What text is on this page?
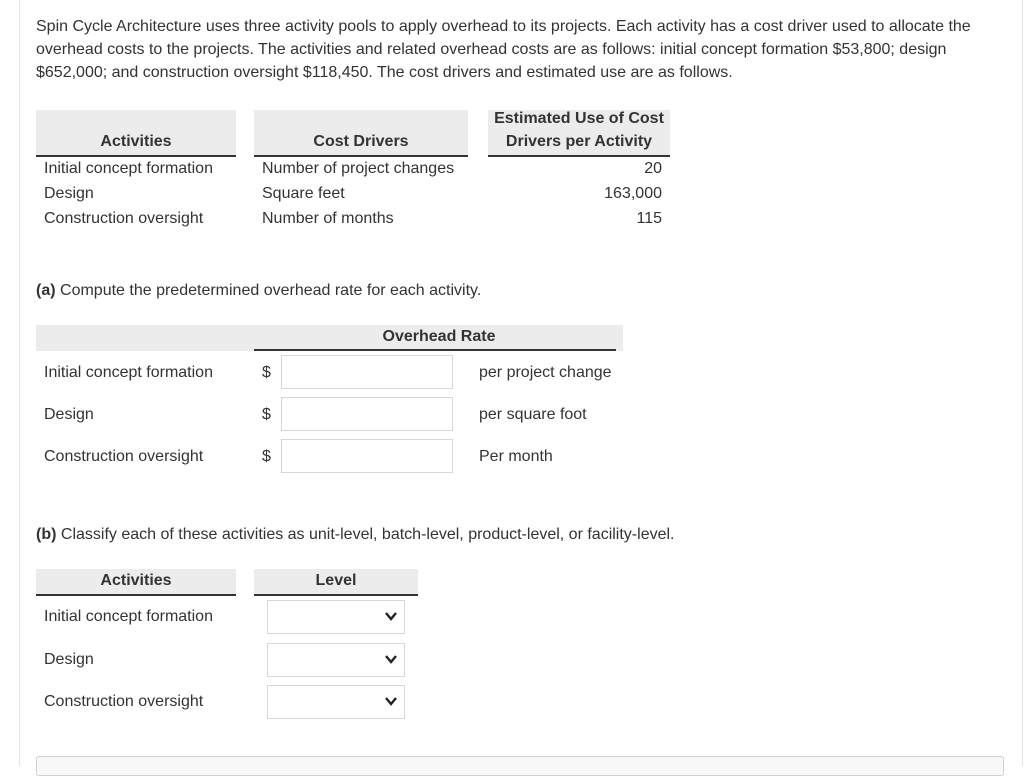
Spin Cycle Architecture uses three activity pools to apply overhead to its projects. Each activity has a cost driver used to allocate the overhead costs to the projects. The activities and related overhead costs are as follows: initial concept formation $53,800; design $652,000; and construction oversight $118,450. The cost drivers and estimated use are as follows.

Activities	Cost Drivers
Estimated Use of Cost
Drivers per Activity
Initial concept formation	Number of project changes	20
Design	Square feet	163,000
Construction oversight	Number of months	115

(a) Compute the predetermined overhead rate for each activity.

Overhead Rate
Initial concept formation	$	per project change
Design	$	per square foot
Construction oversight	$	Per month

(b) Classify each of these activities as unit-level, batch-level, product-level, or facility-level.

Activities	Level
Initial concept formation
Design
Construction oversight
